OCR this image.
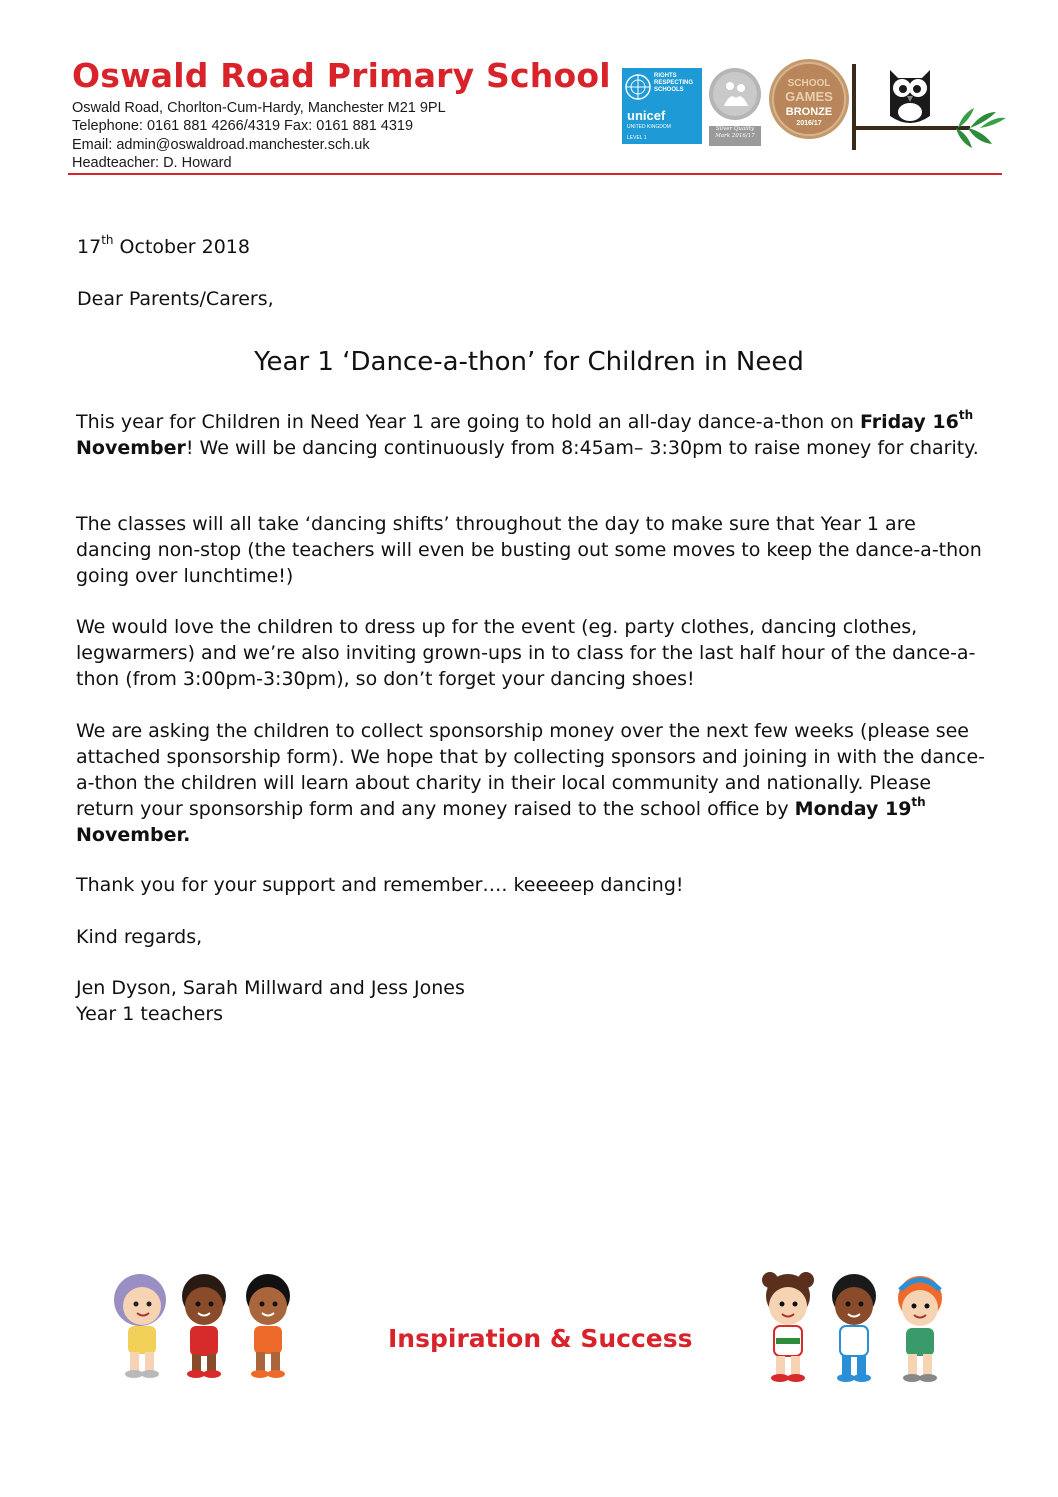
Oswald Road Primary School
Oswald Road, Chorlton-Cum-Hardy, Manchester M21 9PL
Telephone: 0161 881 4266/4319 Fax: 0161 881 4319
Email: admin@oswaldroad.manchester.sch.uk
Headteacher: D. Howard
RIGHTS RESPECTING SCHOOLS
unicef
UNITED KINGDOM
LEVEL 1
Silver Quality
Mark 2016/17
SCHOOL
GAMES
BRONZE
2016/17
17th October 2018
Dear Parents/Carers,
Year 1 ‘Dance-a-thon’ for Children in Need

This year for Children in Need Year 1 are going to hold an all-day dance-a-thon on Friday 16th November! We will be dancing continuously from 8:45am– 3:30pm to raise money for charity.

The classes will all take ‘dancing shifts’ throughout the day to make sure that Year 1 are dancing non-stop (the teachers will even be busting out some moves to keep the dance-a-thon going over lunchtime!)

We would love the children to dress up for the event (eg. party clothes, dancing clothes, legwarmers) and we’re also inviting grown-ups in to class for the last half hour of the dance-a-thon (from 3:00pm-3:30pm), so don’t forget your dancing shoes!

We are asking the children to collect sponsorship money over the next few weeks (please see attached sponsorship form). We hope that by collecting sponsors and joining in with the dance-a-thon the children will learn about charity in their local community and nationally. Please return your sponsorship form and any money raised to the school office by Monday 19th November.

Thank you for your support and remember…. keeeeep dancing!

Kind regards,

Jen Dyson, Sarah Millward and Jess Jones
Year 1 teachers
Inspiration & Success
